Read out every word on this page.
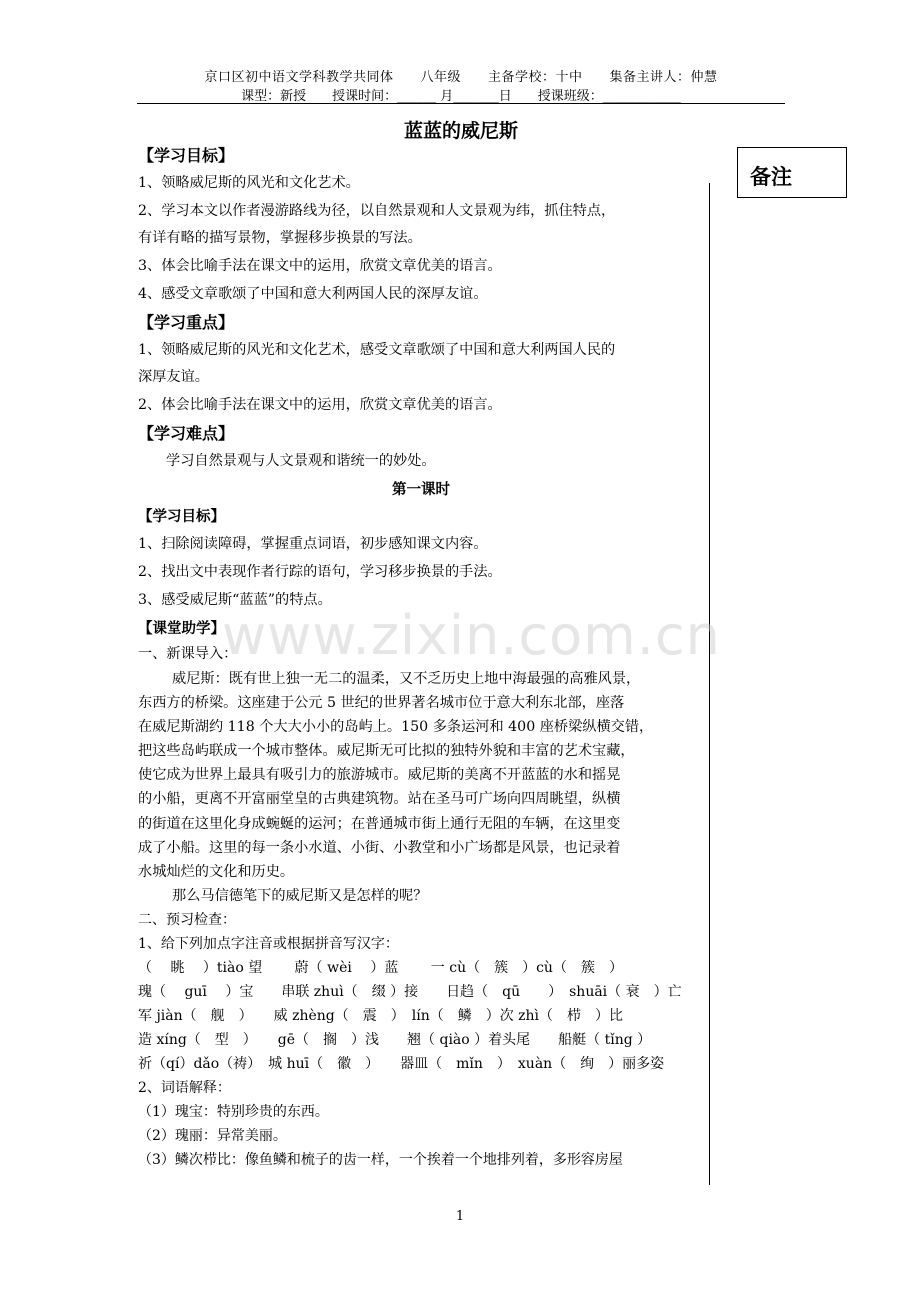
京口区初中语文学科教学共同体　　八年级　　主备学校：十中　　集备主讲人：仲慧
课型：新授　　授课时间：______ 月_______日　　授课班级：____________
蓝蓝的威尼斯
备注
【学习目标】
1、领略威尼斯的风光和文化艺术。
2、学习本文以作者漫游路线为径，以自然景观和人文景观为纬，抓住特点，
有详有略的描写景物，掌握移步换景的写法。
3、体会比喻手法在课文中的运用，欣赏文章优美的语言。
4、感受文章歌颂了中国和意大利两国人民的深厚友谊。
【学习重点】
1、领略威尼斯的风光和文化艺术，感受文章歌颂了中国和意大利两国人民的
深厚友谊。
2、体会比喻手法在课文中的运用，欣赏文章优美的语言。
【学习难点】
学习自然景观与人文景观和谐统一的妙处。
第一课时
【学习目标】
1、扫除阅读障碍，掌握重点词语，初步感知课文内容。
2、找出文中表现作者行踪的语句，学习移步换景的手法。
3、感受威尼斯“蓝蓝”的特点。
【课堂助学】
一、新课导入：
威尼斯：既有世上独一无二的温柔，又不乏历史上地中海最强的高雅风景，
东西方的桥梁。这座建于公元 5 世纪的世界著名城市位于意大利东北部，座落
在威尼斯湖约 118 个大大小小的岛屿上。150 多条运河和 400 座桥梁纵横交错，
把这些岛屿联成一个城市整体。威尼斯无可比拟的独特外貌和丰富的艺术宝藏，
使它成为世界上最具有吸引力的旅游城市。威尼斯的美离不开蓝蓝的水和摇晃
的小船，更离不开富丽堂皇的古典建筑物。站在圣马可广场向四周眺望，纵横
的街道在这里化身成蜿蜒的运河；在普通城市街上通行无阻的车辆，在这里变
成了小船。这里的每一条小水道、小街、小教堂和小广场都是风景，也记录着
水城灿烂的文化和历史。
那么马信德笔下的威尼斯又是怎样的呢？
二、预习检查：
1、给下列加点字注音或根据拼音写汉字：
（　 眺　 ）tiào 望　　 蔚（ wèi　 ）蓝　　 一 cù（　簇　）cù（　簇　）
瑰（　 guī　 ）宝　　串联 zhuì（　缀 ）接　　日趋（　qū　　）　shuāi（ 衰　）亡
军 jiàn（　舰　）　　威 zhèng（　震　）　lín（　鳞　）次 zhì（　栉　）比
造 xíng（　型　）　　gē（　搁　）浅　　翘（ qiào ）着头尾　　船艇（ tǐng ）
祈（qí）dǎo（祷）　城 huī（　徽　）　　器皿（　mǐn　）　xuàn（　绚　）丽多姿
2、词语解释：
（1）瑰宝：特别珍贵的东西。
（2）瑰丽：异常美丽。
（3）鳞次栉比：像鱼鳞和梳子的齿一样，一个挨着一个地排列着，多形容房屋
www.zixin.com.cn
1
